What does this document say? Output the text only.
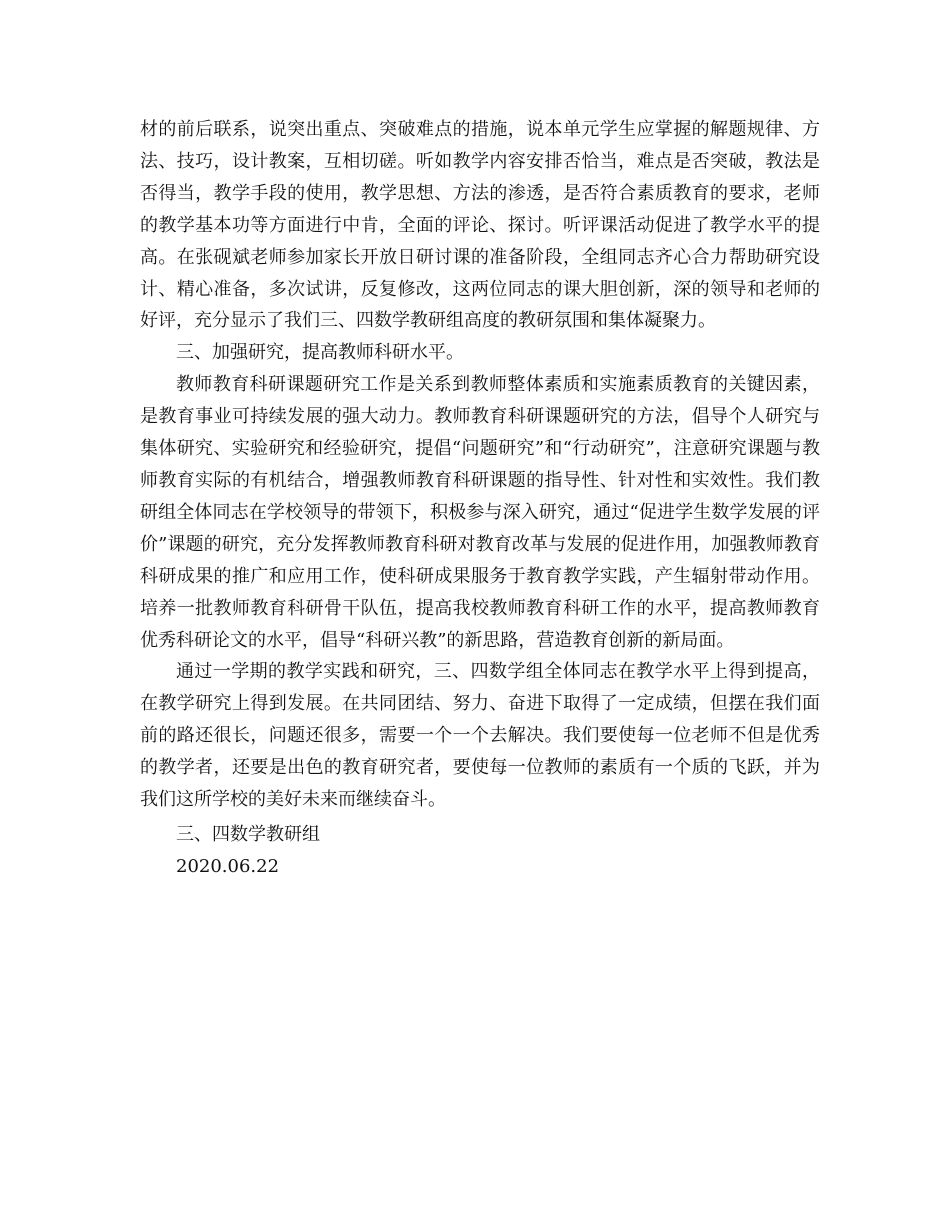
材的前后联系，说突出重点、突破难点的措施，说本单元学生应掌握的解题规律、方法、技巧，设计教案，互相切磋。听如教学内容安排否恰当，难点是否突破，教法是否得当，教学手段的使用，教学思想、方法的渗透，是否符合素质教育的要求，老师的教学基本功等方面进行中肯，全面的评论、探讨。听评课活动促进了教学水平的提高。在张砚斌老师参加家长开放日研讨课的准备阶段，全组同志齐心合力帮助研究设计、精心准备，多次试讲，反复修改，这两位同志的课大胆创新，深的领导和老师的好评，充分显示了我们三、四数学教研组高度的教研氛围和集体凝聚力。

三、加强研究，提高教师科研水平。

教师教育科研课题研究工作是关系到教师整体素质和实施素质教育的关键因素，是教育事业可持续发展的强大动力。教师教育科研课题研究的方法，倡导个人研究与集体研究、实验研究和经验研究，提倡“问题研究”和“行动研究”，注意研究课题与教师教育实际的有机结合，增强教师教育科研课题的指导性、针对性和实效性。我们教研组全体同志在学校领导的带领下，积极参与深入研究，通过“促进学生数学发展的评价”课题的研究，充分发挥教师教育科研对教育改革与发展的促进作用，加强教师教育科研成果的推广和应用工作，使科研成果服务于教育教学实践，产生辐射带动作用。培养一批教师教育科研骨干队伍，提高我校教师教育科研工作的水平，提高教师教育优秀科研论文的水平，倡导“科研兴教”的新思路，营造教育创新的新局面。

通过一学期的教学实践和研究，三、四数学组全体同志在教学水平上得到提高，在教学研究上得到发展。在共同团结、努力、奋进下取得了一定成绩，但摆在我们面前的路还很长，问题还很多，需要一个一个去解决。我们要使每一位老师不但是优秀的教学者，还要是出色的教育研究者，要使每一位教师的素质有一个质的飞跃，并为我们这所学校的美好未来而继续奋斗。

三、四数学教研组

2020.06.22
